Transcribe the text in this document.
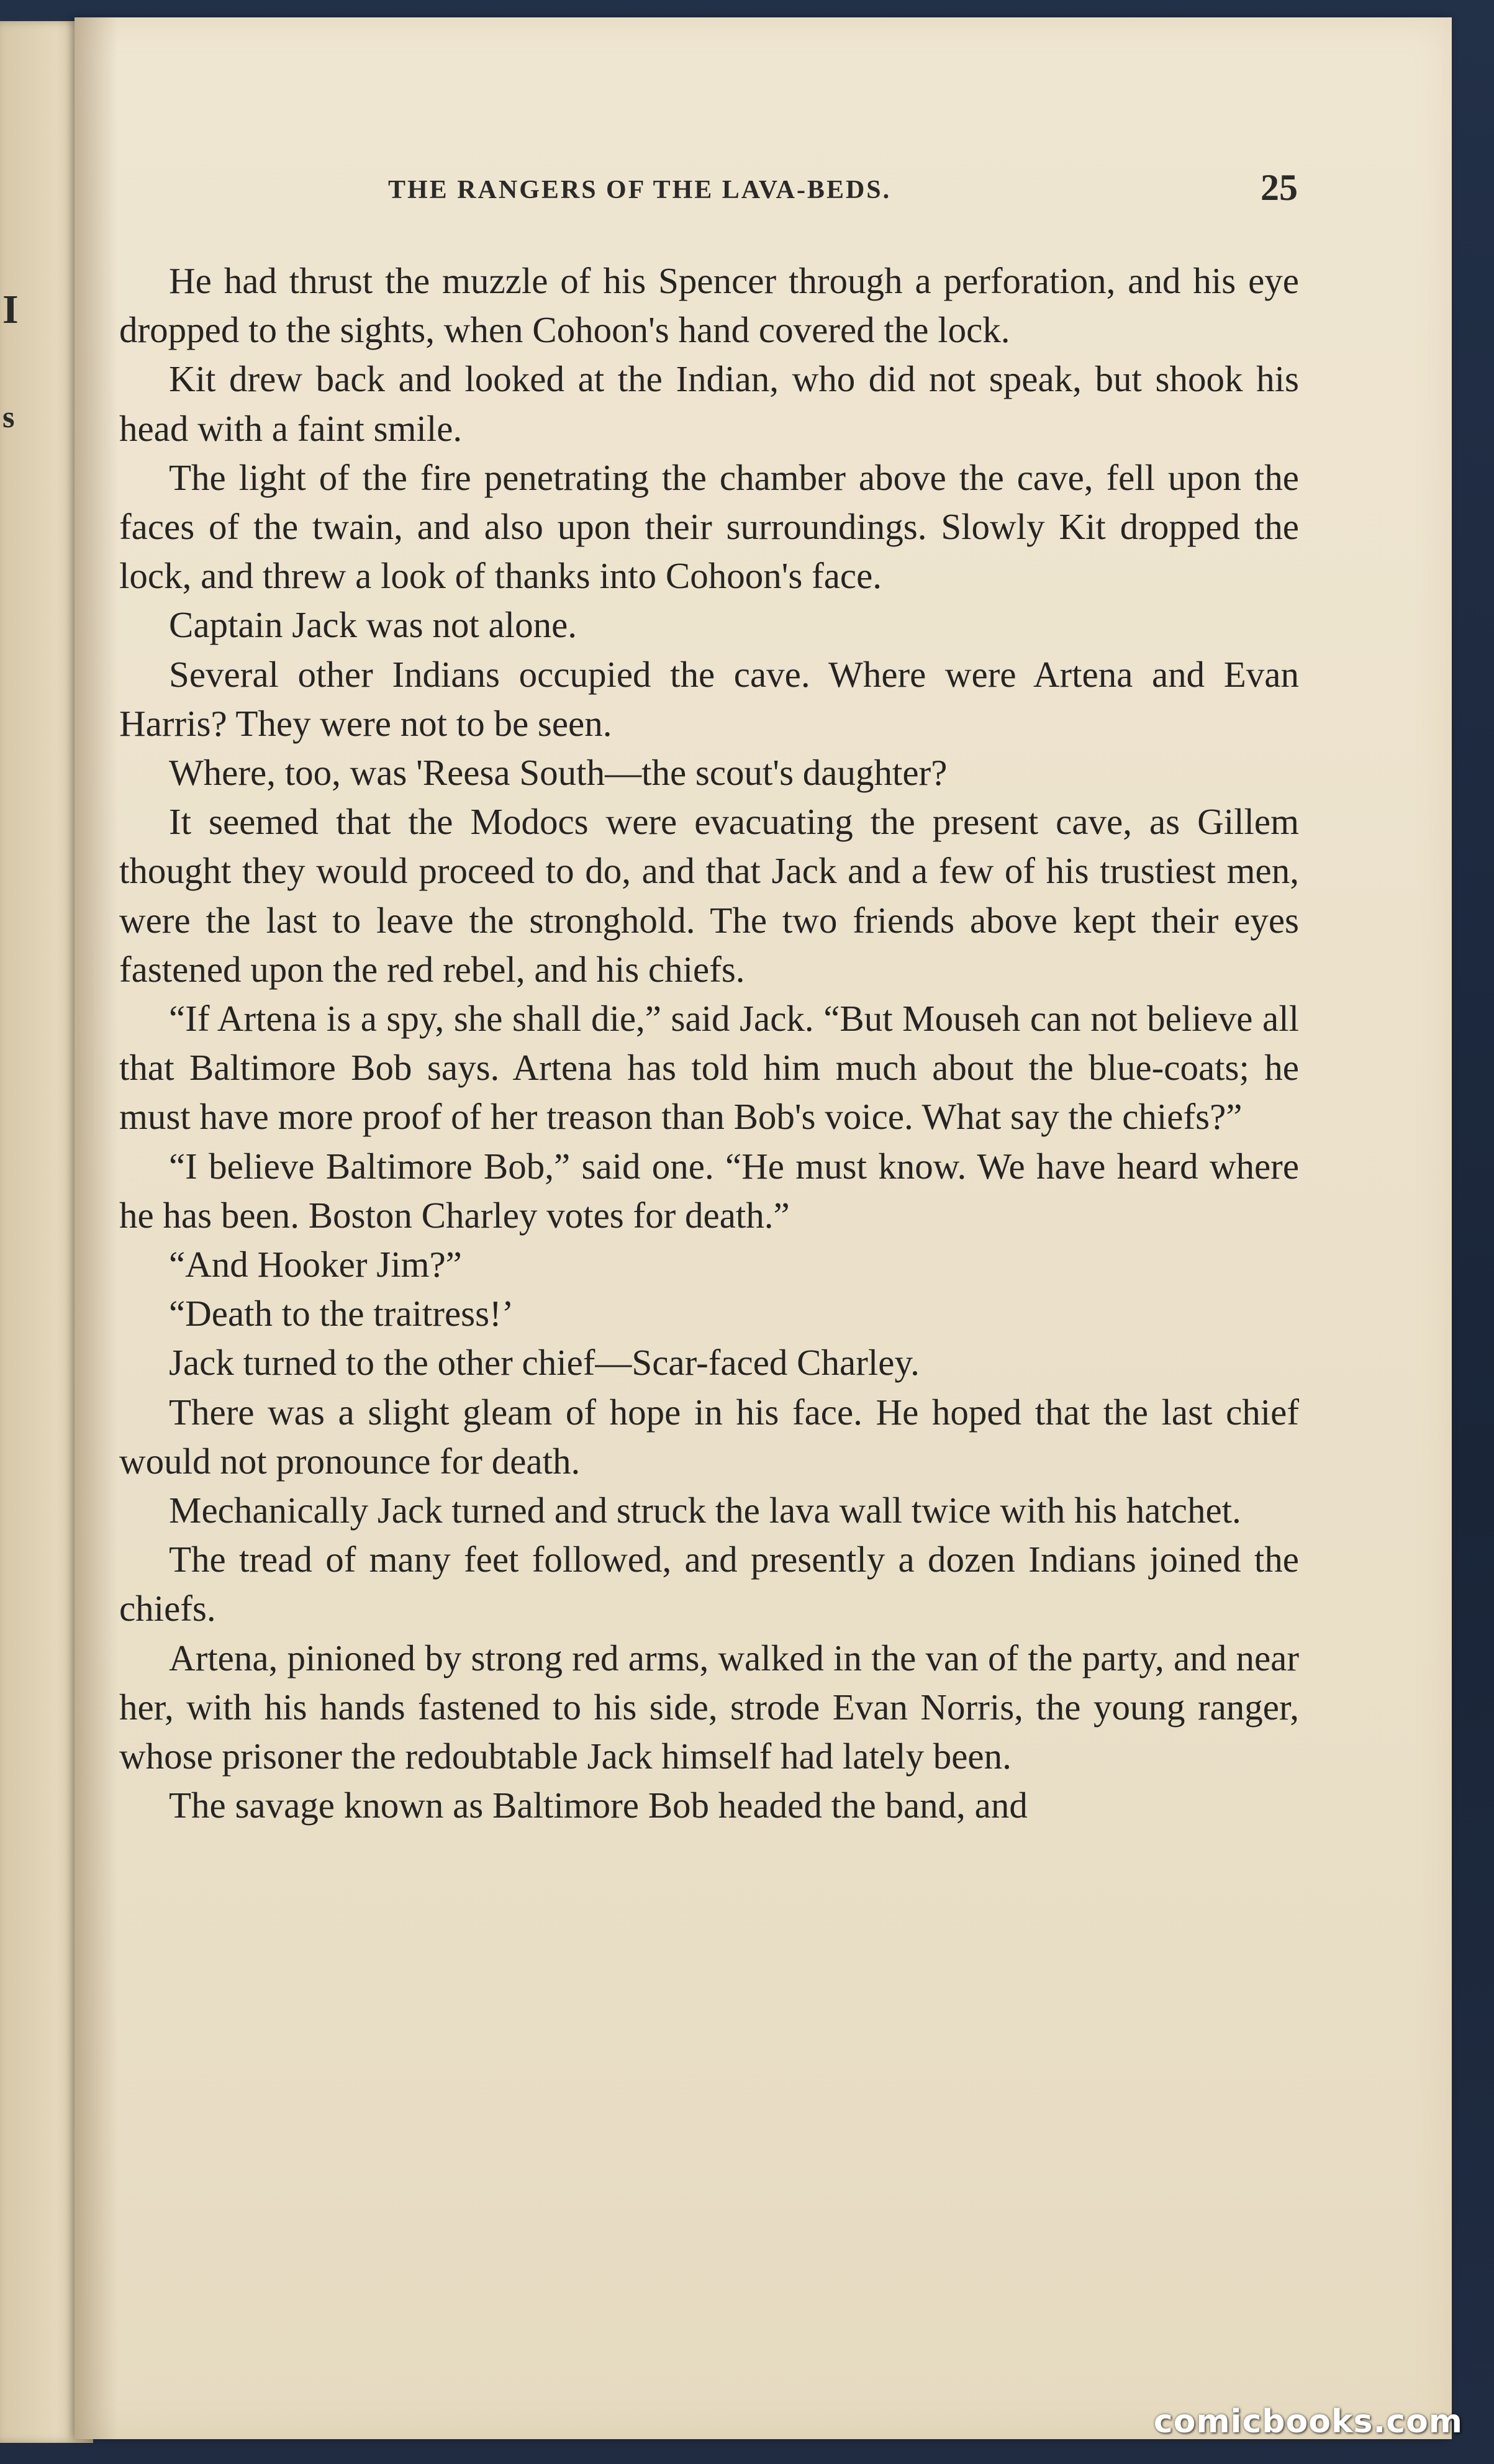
I
s
THE RANGERS OF THE LAVA-BEDS.	25

He had thrust the muzzle of his Spencer through a perforation, and his eye dropped to the sights, when Cohoon's hand covered the lock.

Kit drew back and looked at the Indian, who did not speak, but shook his head with a faint smile.

The light of the fire penetrating the chamber above the cave, fell upon the faces of the twain, and also upon their surroundings. Slowly Kit dropped the lock, and threw a look of thanks into Cohoon's face.

Captain Jack was not alone.

Several other Indians occupied the cave. Where were Artena and Evan Harris? They were not to be seen.

Where, too, was 'Reesa South—the scout's daughter?

It seemed that the Modocs were evacuating the present cave, as Gillem thought they would proceed to do, and that Jack and a few of his trustiest men, were the last to leave the stronghold. The two friends above kept their eyes fastened upon the red rebel, and his chiefs.

“If Artena is a spy, she shall die,” said Jack. “But Mouseh can not believe all that Baltimore Bob says. Artena has told him much about the blue-coats; he must have more proof of her treason than Bob's voice. What say the chiefs?”

“I believe Baltimore Bob,” said one. “He must know. We have heard where he has been. Boston Charley votes for death.”

“And Hooker Jim?”

“Death to the traitress!’

Jack turned to the other chief—Scar-faced Charley.

There was a slight gleam of hope in his face. He hoped that the last chief would not pronounce for death.

Mechanically Jack turned and struck the lava wall twice with his hatchet.

The tread of many feet followed, and presently a dozen Indians joined the chiefs.

Artena, pinioned by strong red arms, walked in the van of the party, and near her, with his hands fastened to his side, strode Evan Norris, the young ranger, whose prisoner the redoubtable Jack himself had lately been.

The savage known as Baltimore Bob headed the band, and

comicbooks.com
